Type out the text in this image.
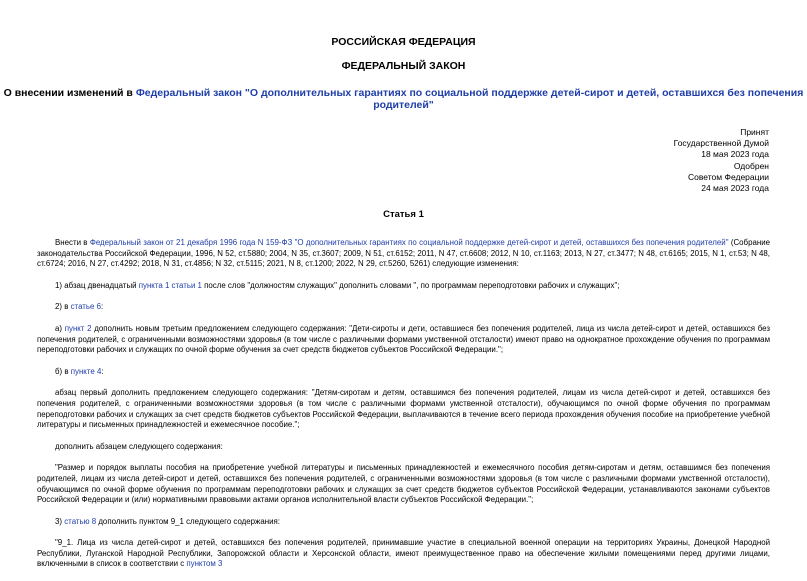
РОССИЙСКАЯ ФЕДЕРАЦИЯ
ФЕДЕРАЛЬНЫЙ ЗАКОН
О внесении изменений в Федеральный закон "О дополнительных гарантиях по социальной поддержке детей-сирот и детей, оставшихся без попечения родителей"
Принят
Государственной Думой
18 мая 2023 года
Одобрен
Советом Федерации
24 мая 2023 года
Статья 1

Внести в Федеральный закон от 21 декабря 1996 года N 159-ФЗ "О дополнительных гарантиях по социальной поддержке детей-сирот и детей, оставшихся без попечения родителей" (Собрание законодательства Российской Федерации, 1996, N 52, ст.5880; 2004, N 35, ст.3607; 2009, N 51, ст.6152; 2011, N 47, ст.6608; 2012, N 10, ст.1163; 2013, N 27, ст.3477; N 48, ст.6165; 2015, N 1, ст.53; N 48, ст.6724; 2016, N 27, ст.4292; 2018, N 31, ст.4856; N 32, ст.5115; 2021, N 8, ст.1200; 2022, N 29, ст.5260, 5261) следующие изменения:

1) абзац двенадцатый пункта 1 статьи 1 после слов "должностям служащих" дополнить словами ", по программам переподготовки рабочих и служащих";

2) в статье 6:

а) пункт 2 дополнить новым третьим предложением следующего содержания: "Дети-сироты и дети, оставшиеся без попечения родителей, лица из числа детей-сирот и детей, оставшихся без попечения родителей, с ограниченными возможностями здоровья (в том числе с различными формами умственной отсталости) имеют право на однократное прохождение обучения по программам переподготовки рабочих и служащих по очной форме обучения за счет средств бюджетов субъектов Российской Федерации.";

б) в пункте 4:

абзац первый дополнить предложением следующего содержания: "Детям-сиротам и детям, оставшимся без попечения родителей, лицам из числа детей-сирот и детей, оставшихся без попечения родителей, с ограниченными возможностями здоровья (в том числе с различными формами умственной отсталости), обучающимся по очной форме обучения по программам переподготовки рабочих и служащих за счет средств бюджетов субъектов Российской Федерации, выплачиваются в течение всего периода прохождения обучения пособие на приобретение учебной литературы и письменных принадлежностей и ежемесячное пособие.";

дополнить абзацем следующего содержания:

"Размер и порядок выплаты пособия на приобретение учебной литературы и письменных принадлежностей и ежемесячного пособия детям-сиротам и детям, оставшимся без попечения родителей, лицам из числа детей-сирот и детей, оставшихся без попечения родителей, с ограниченными возможностями здоровья (в том числе с различными формами умственной отсталости), обучающимся по очной форме обучения по программам переподготовки рабочих и служащих за счет средств бюджетов субъектов Российской Федерации, устанавливаются законами субъектов Российской Федерации и (или) нормативными правовыми актами органов исполнительной власти субъектов Российской Федерации.";

3) статью 8 дополнить пунктом 9_1 следующего содержания:

"9_1. Лица из числа детей-сирот и детей, оставшихся без попечения родителей, принимавшие участие в специальной военной операции на территориях Украины, Донецкой Народной Республики, Луганской Народной Республики, Запорожской области и Херсонской области, имеют преимущественное право на обеспечение жилыми помещениями перед другими лицами, включенными в список в соответствии с пунктом 3
